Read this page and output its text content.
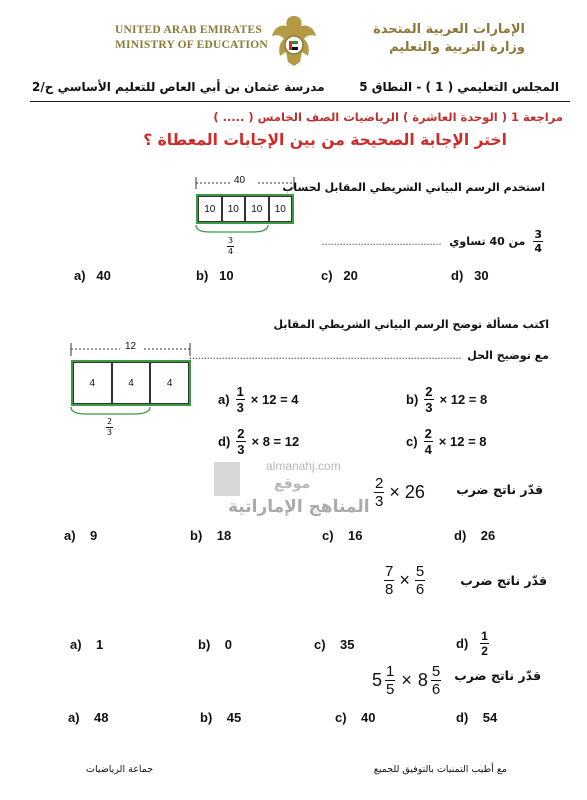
UNITED ARAB EMIRATES
MINISTRY OF EDUCATION
الإمارات العربية المتحدة
وزارة التربية والتعليم
المجلس التعليمي ( 1 ) - النطاق 5
مدرسة عثمان بن أبي العاص للتعليم الأساسي ح/2
مراجعة 1 ( الوحدة العاشرة ) الرياضيات الصف الخامس ( ..... )
اختر الإجابة الصحيحة من بين الإجابات المعطاة ؟
استخدم الرسم البياني الشريطي المقابل لحساب
40
10	10	10	10
$\frac{3}{4}$	........................................ من 40 تساوي $\frac{3}{4}$
a) 40	b) 10	c) 20	d) 30
اكتب مسألة توضح الرسم البياني الشريطي المقابل
........................................................................................... مع توضيح الحل
12
4	4	4
$\frac{2}{3}$
$a) \frac{1}{3} \times 12 = 4$	$b) \frac{2}{3} \times 12 = 8$
$d) \frac{2}{3} \times 8 = 12$	$c) \frac{2}{4} \times 12 = 8$
almanahj.com
موقع
المناهج الإماراتية
قدّر ناتج ضرب
$\frac{2}{3} \times 26$
a) 9	b) 18	c) 16	d) 26
قدّر ناتج ضرب
$\frac{7}{8} \times \frac{5}{6}$
a) 1	b) 0	c) 35	$d) \frac{1}{2}$
قدّر ناتج ضرب
$5 \frac{1}{5} \times 8 \frac{5}{6}$
a) 48	b) 45	c) 40	d) 54
مع أطيب التمنيات بالتوفيق للجميع
جماعة الرياضيات
